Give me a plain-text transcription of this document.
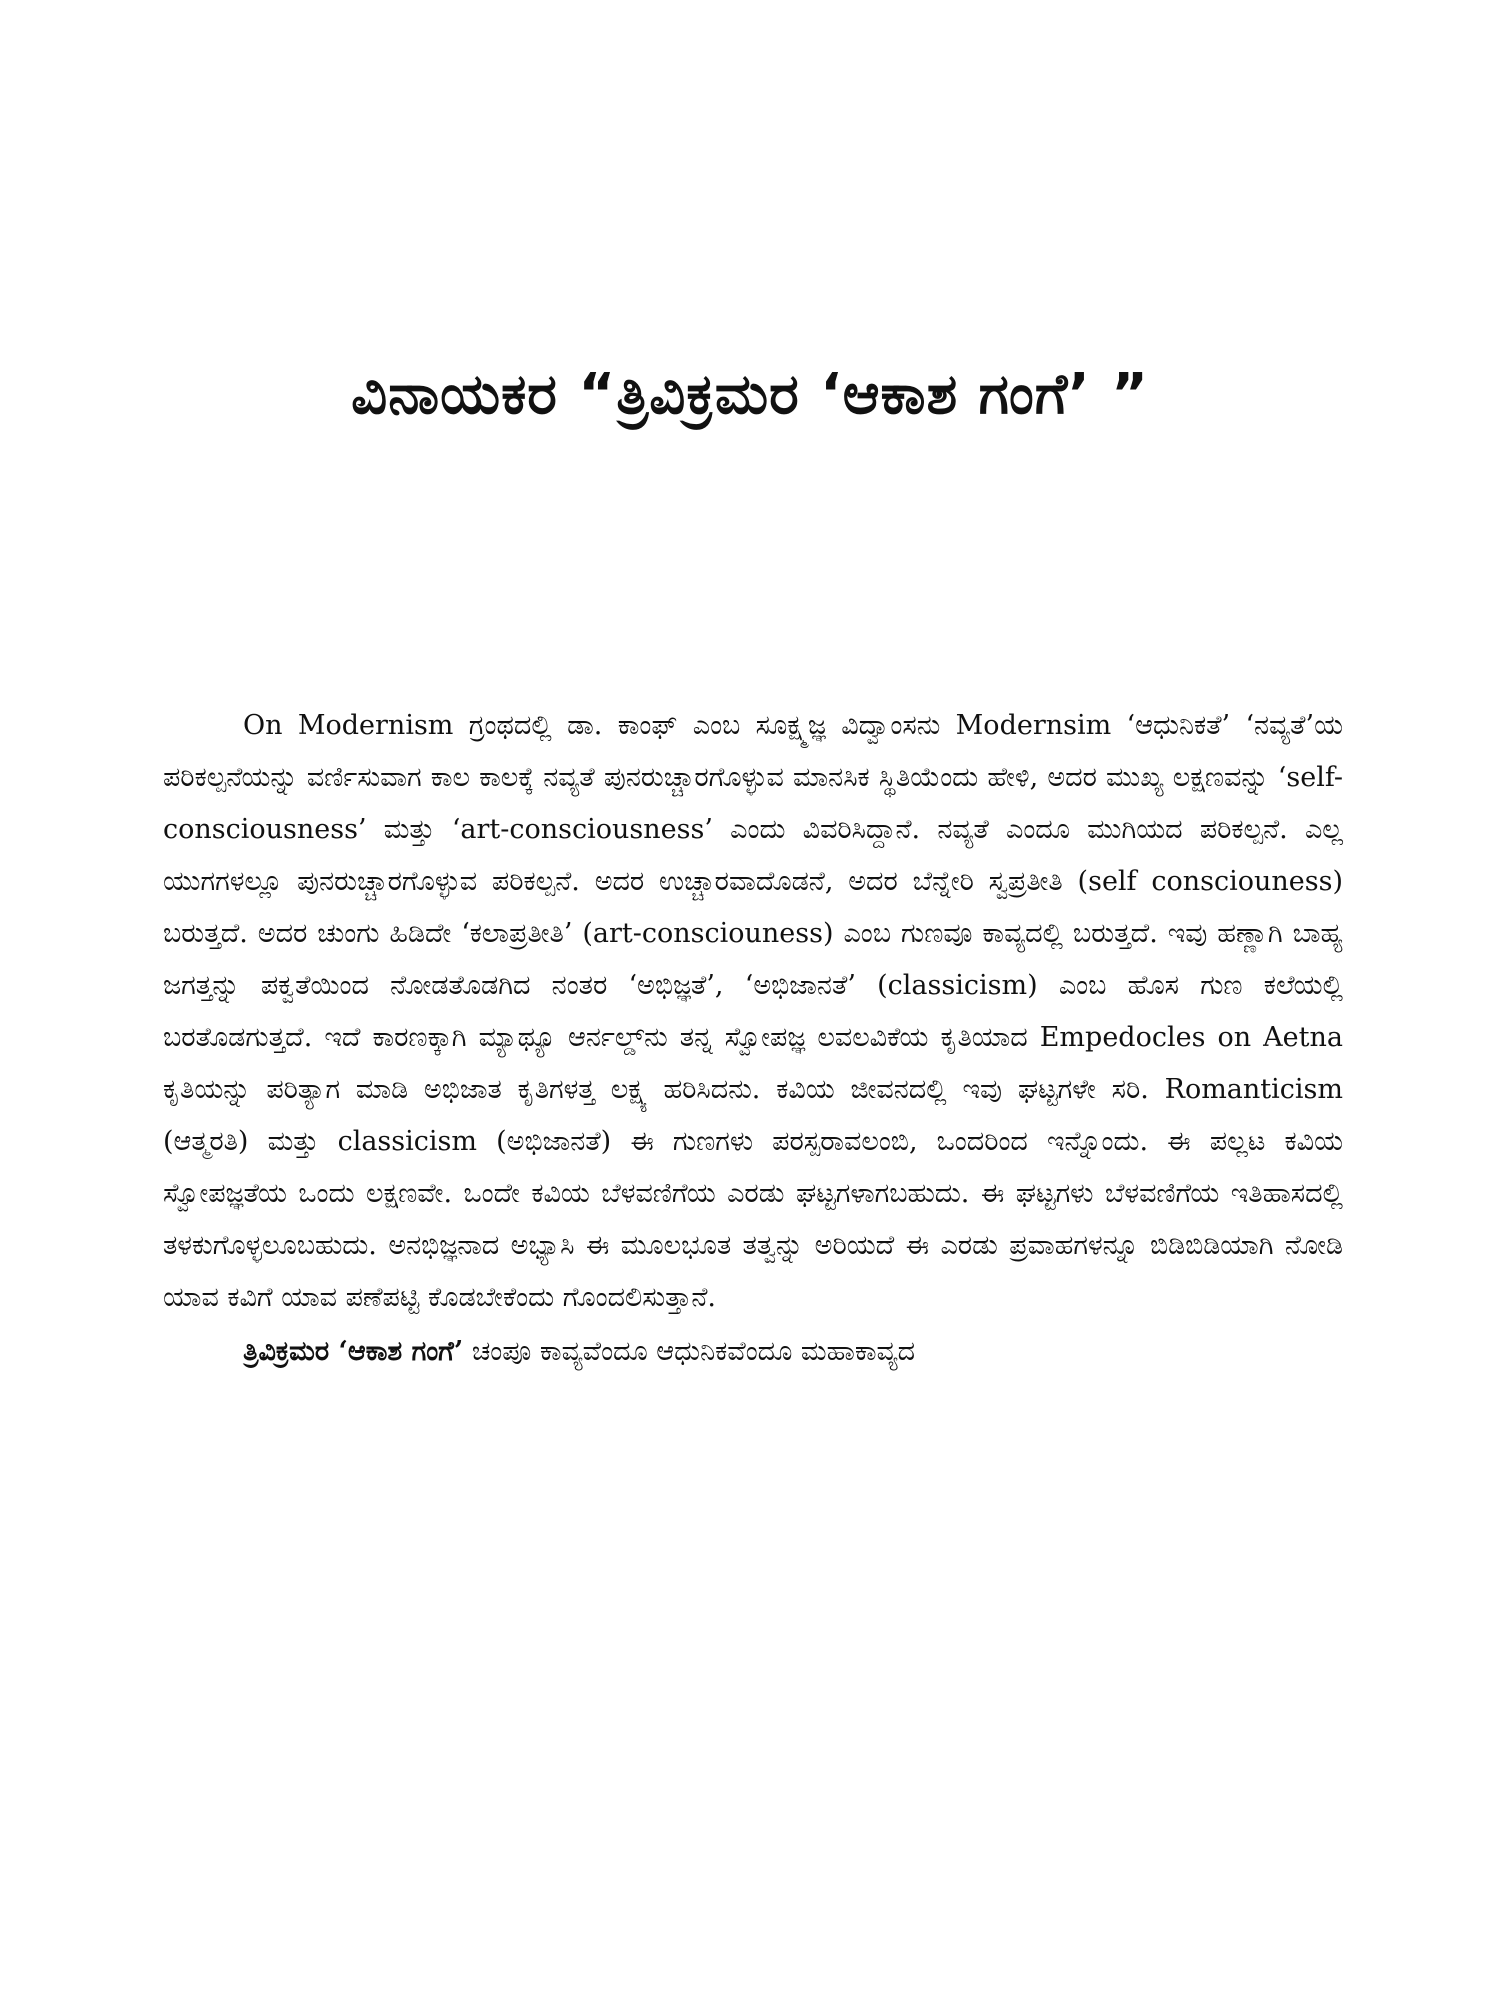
ವಿನಾಯಕರ “ತ್ರಿವಿಕ್ರಮರ ‘ಆಕಾಶ ಗಂಗೆ’ ”

On Modernism ಗ್ರಂಥದಲ್ಲಿ ಡಾ. ಕಾಂಫ್ ಎಂಬ ಸೂಕ್ಷ್ಮಜ್ಞ ವಿದ್ವಾಂಸನು Modernsim ‘ಆಧುನಿಕತೆ’ ‘ನವ್ಯತೆ’ಯ ಪರಿಕಲ್ಪನೆಯನ್ನು ವರ್ಣಿಸುವಾಗ ಕಾಲ ಕಾಲಕ್ಕೆ ನವ್ಯತೆ ಪುನರುಚ್ಚಾರಗೊಳ್ಳುವ ಮಾನಸಿಕ ಸ್ಥಿತಿಯೆಂದು ಹೇಳಿ, ಅದರ ಮುಖ್ಯ ಲಕ್ಷಣವನ್ನು ‘self-consciousness’ ಮತ್ತು ‘art-consciousness’ ಎಂದು ವಿವರಿಸಿದ್ದಾನೆ. ನವ್ಯತೆ ಎಂದೂ ಮುಗಿಯದ ಪರಿಕಲ್ಪನೆ. ಎಲ್ಲ ಯುಗಗಳಲ್ಲೂ ಪುನರುಚ್ಚಾರಗೊಳ್ಳುವ ಪರಿಕಲ್ಪನೆ. ಅದರ ಉಚ್ಚಾರವಾದೊಡನೆ, ಅದರ ಬೆನ್ನೇರಿ ಸ್ವಪ್ರತೀತಿ (self consciouness) ಬರುತ್ತದೆ. ಅದರ ಚುಂಗು ಹಿಡಿದೇ ‘ಕಲಾಪ್ರತೀತಿ’ (art-consciouness) ಎಂಬ ಗುಣವೂ ಕಾವ್ಯದಲ್ಲಿ ಬರುತ್ತದೆ. ಇವು ಹಣ್ಣಾಗಿ ಬಾಹ್ಯ ಜಗತ್ತನ್ನು ಪಕ್ವತೆಯಿಂದ ನೋಡತೊಡಗಿದ ನಂತರ ‘ಅಭಿಜ್ಞತೆ’, ‘ಅಭಿಜಾನತೆ’ (classicism) ಎಂಬ ಹೊಸ ಗುಣ ಕಲೆಯಲ್ಲಿ ಬರತೊಡಗುತ್ತದೆ. ಇದೆ ಕಾರಣಕ್ಕಾಗಿ ಮ್ಯಾಥ್ಯೂ ಆರ್ನಲ್ಡ್‌ನು ತನ್ನ ಸ್ವೋಪಜ್ಞ ಲವಲವಿಕೆಯ ಕೃತಿಯಾದ Empedocles on Aetna ಕೃತಿಯನ್ನು ಪರಿತ್ಯಾಗ ಮಾಡಿ ಅಭಿಜಾತ ಕೃತಿಗಳತ್ತ ಲಕ್ಷ್ಯ ಹರಿಸಿದನು. ಕವಿಯ ಜೀವನದಲ್ಲಿ ಇವು ಘಟ್ಟಗಳೇ ಸರಿ. Romanticism (ಆತ್ಮರತಿ) ಮತ್ತು classicism (ಅಭಿಜಾನತೆ) ಈ ಗುಣಗಳು ಪರಸ್ಪರಾವಲಂಬಿ, ಒಂದರಿಂದ ಇನ್ನೊಂದು. ಈ ಪಲ್ಲಟ ಕವಿಯ ಸ್ವೋಪಜ್ಞತೆಯ ಒಂದು ಲಕ್ಷಣವೇ. ಒಂದೇ ಕವಿಯ ಬೆಳವಣಿಗೆಯ ಎರಡು ಘಟ್ಟಗಳಾಗಬಹುದು. ಈ ಘಟ್ಟಗಳು ಬೆಳವಣಿಗೆಯ ಇತಿಹಾಸದಲ್ಲಿ ತಳಕುಗೊಳ್ಳಲೂಬಹುದು. ಅನಭಿಜ್ಞನಾದ ಅಭ್ಯಾಸಿ ಈ ಮೂಲಭೂತ ತತ್ವನ್ನು ಅರಿಯದೆ ಈ ಎರಡು ಪ್ರವಾಹಗಳನ್ನೂ ಬಿಡಿಬಿಡಿಯಾಗಿ ನೋಡಿ ಯಾವ ಕವಿಗೆ ಯಾವ ಪಣೆಪಟ್ಟಿ ಕೊಡಬೇಕೆಂದು ಗೊಂದಲಿಸುತ್ತಾನೆ.

ತ್ರಿವಿಕ್ರಮರ ‘ಆಕಾಶ ಗಂಗೆ’ ಚಂಪೂ ಕಾವ್ಯವೆಂದೂ ಆಧುನಿಕವೆಂದೂ ಮಹಾಕಾವ್ಯದ
